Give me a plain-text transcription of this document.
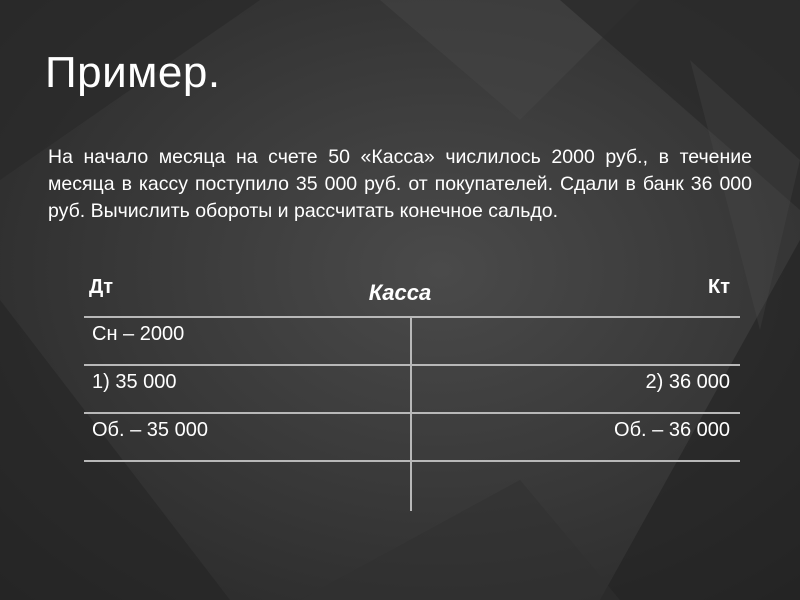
Пример.

На начало месяца на счете 50 «Касса» числилось 2000 руб., в течение месяца в кассу поступило 35 000 руб. от покупателей. Сдали в банк 36 000 руб. Вычислить обороты и рассчитать конечное сальдо.

Дт	Касса	Кт
Сн – 2000
1) 35 000	2) 36 000
Об. – 35 000	Об. – 36 000
